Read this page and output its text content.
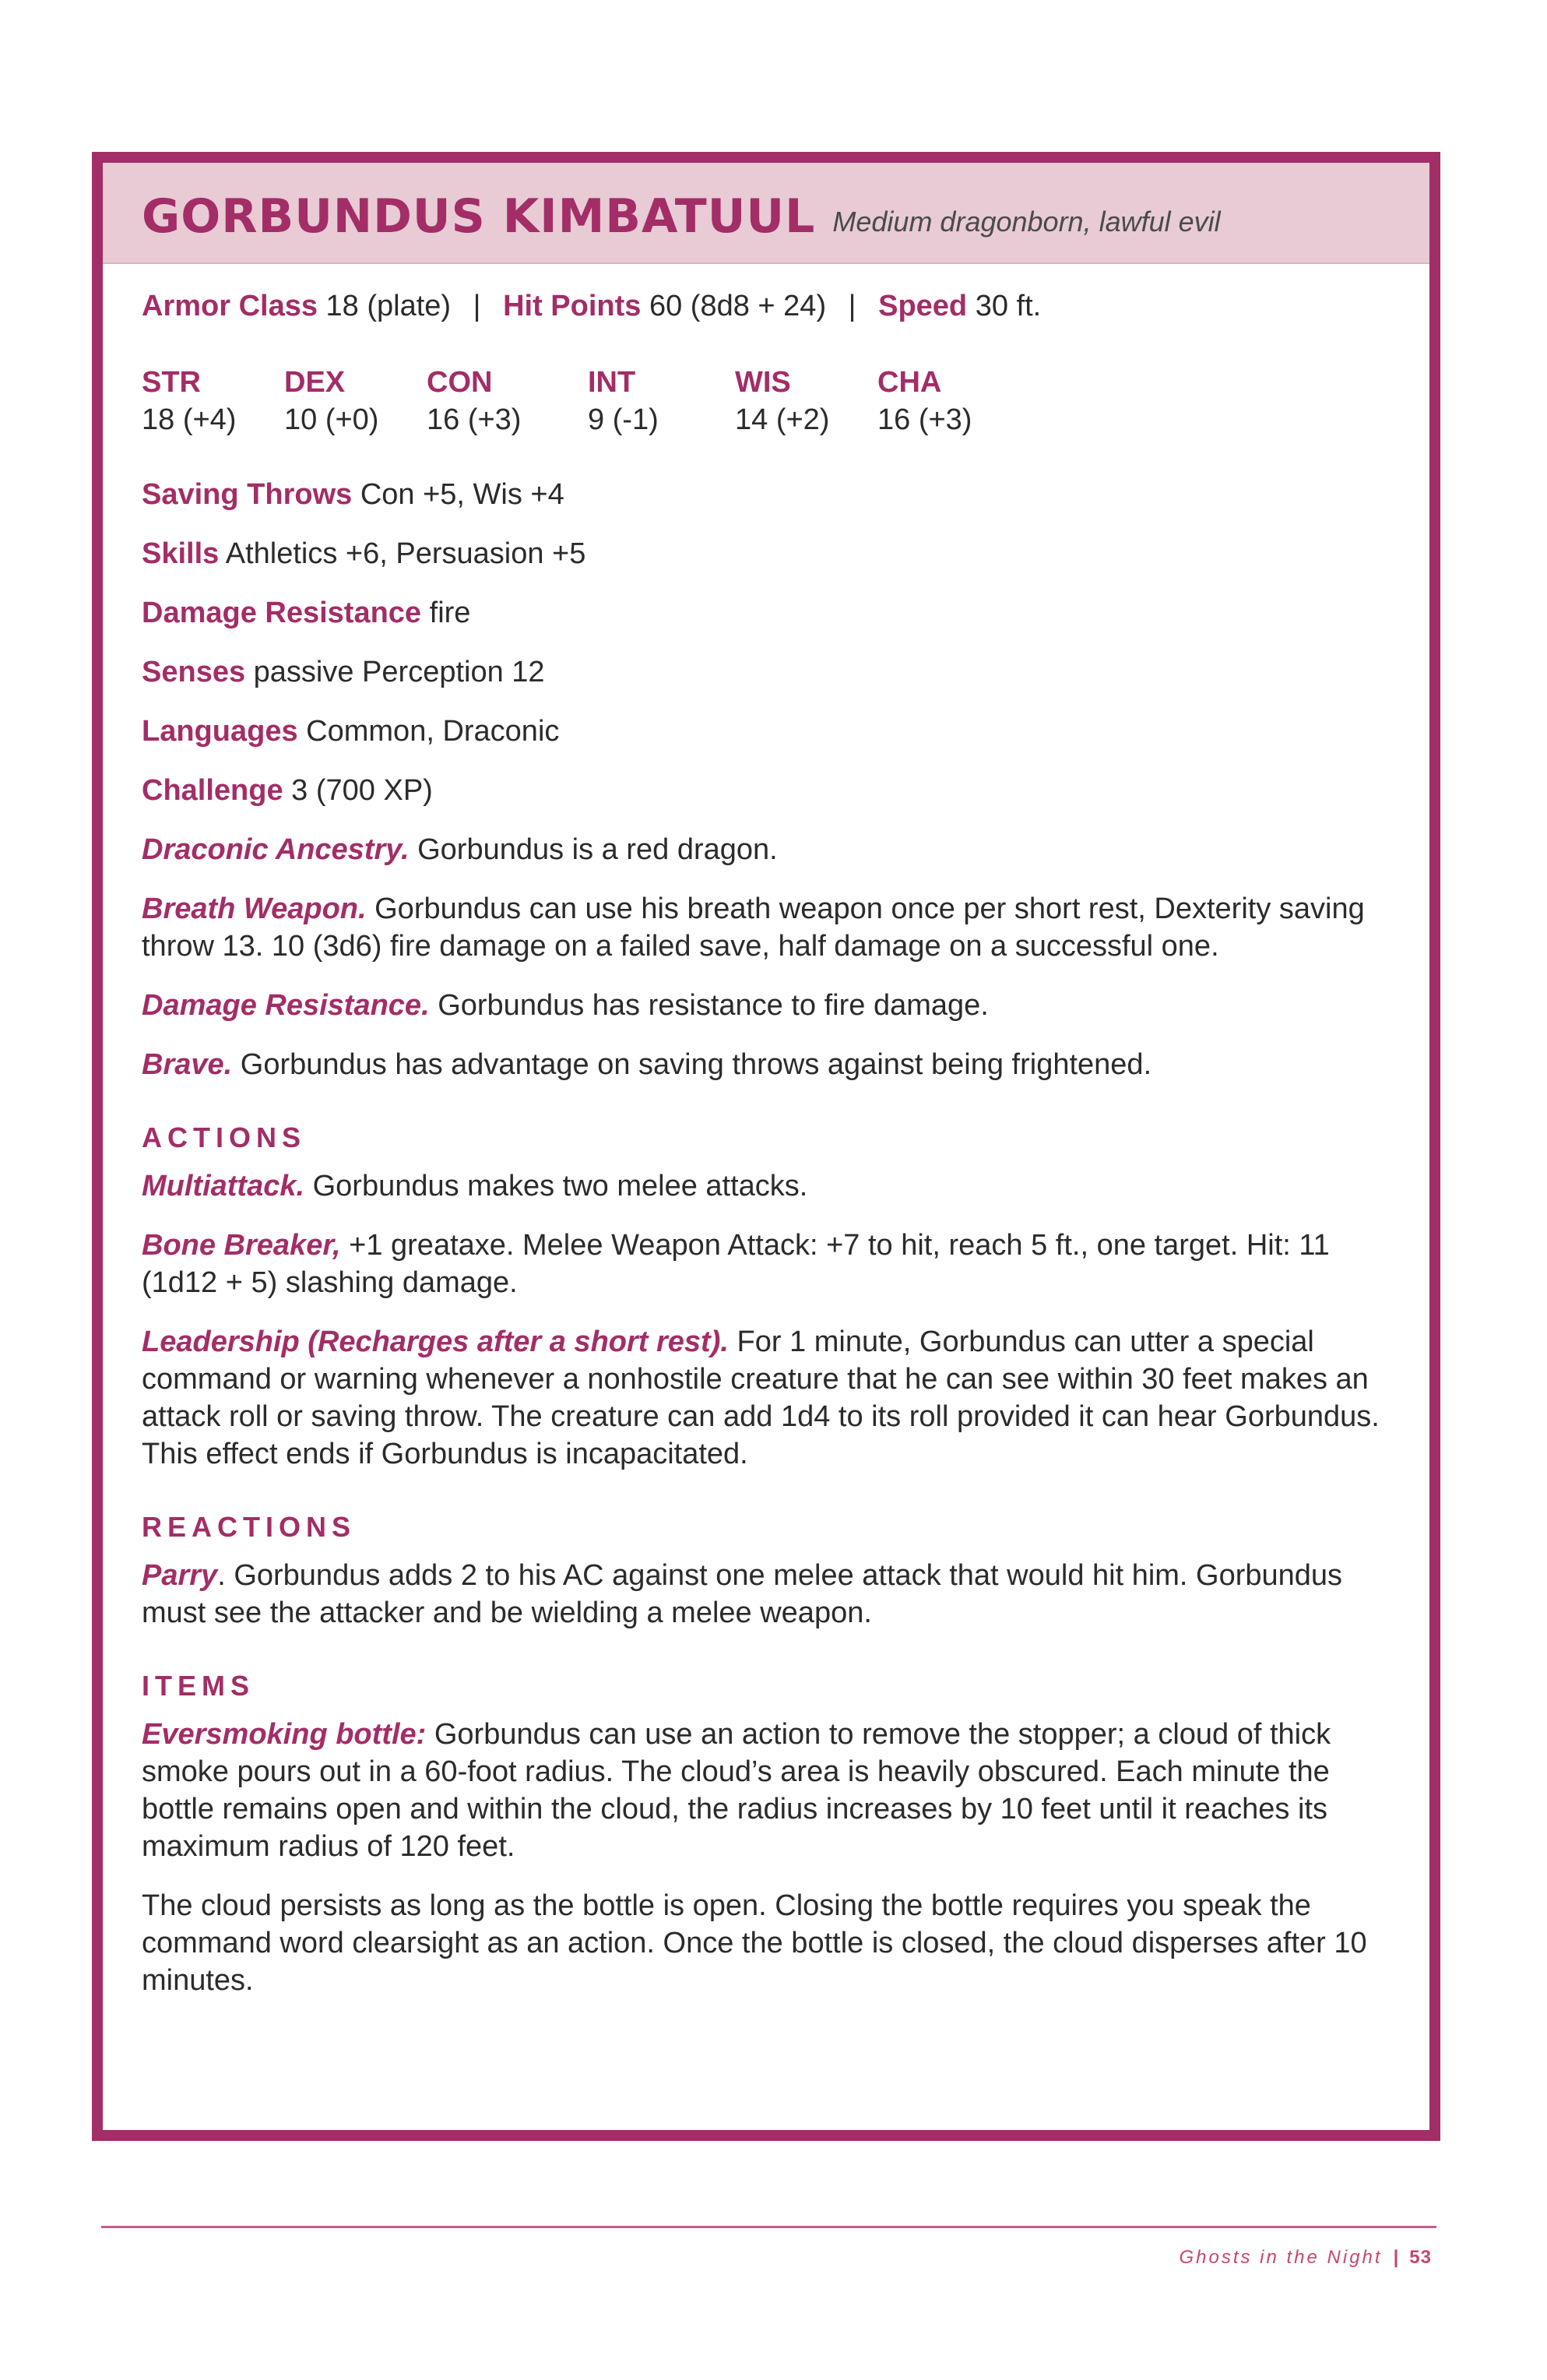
GORBUNDUS KIMBATUUL Medium dragonborn, lawful evil

Armor Class 18 (plate) | Hit Points 60 (8d8 + 24) | Speed 30 ft.

STR
18 (+4)
DEX
10 (+0)
CON
16 (+3)
INT
9 (-1)
WIS
14 (+2)
CHA
16 (+3)

Saving Throws Con +5, Wis +4

Skills Athletics +6, Persuasion +5

Damage Resistance fire

Senses passive Perception 12

Languages Common, Draconic

Challenge 3 (700 XP)

Draconic Ancestry. Gorbundus is a red dragon.

Breath Weapon. Gorbundus can use his breath weapon once per short rest, Dexterity saving throw 13. 10 (3d6) fire damage on a failed save, half damage on a successful one.

Damage Resistance. Gorbundus has resistance to fire damage.

Brave. Gorbundus has advantage on saving throws against being frightened.

ACTIONS

Multiattack. Gorbundus makes two melee attacks.

Bone Breaker, +1 greataxe. Melee Weapon Attack: +7 to hit, reach 5 ft., one target. Hit: 11 (1d12 + 5) slashing damage.

Leadership (Recharges after a short rest). For 1 minute, Gorbundus can utter a special command or warning whenever a nonhostile creature that he can see within 30 feet makes an attack roll or saving throw. The creature can add 1d4 to its roll provided it can hear Gorbundus. This effect ends if Gorbundus is incapacitated.

REACTIONS

Parry. Gorbundus adds 2 to his AC against one melee attack that would hit him. Gorbundus must see the attacker and be wielding a melee weapon.

ITEMS

Eversmoking bottle: Gorbundus can use an action to remove the stopper; a cloud of thick smoke pours out in a 60-foot radius. The cloud’s area is heavily obscured. Each minute the bottle remains open and within the cloud, the radius increases by 10 feet until it reaches its maximum radius of 120 feet.

The cloud persists as long as the bottle is open. Closing the bottle requires you speak the command word clearsight as an action. Once the bottle is closed, the cloud disperses after 10 minutes.

Ghosts in the Night | 53
